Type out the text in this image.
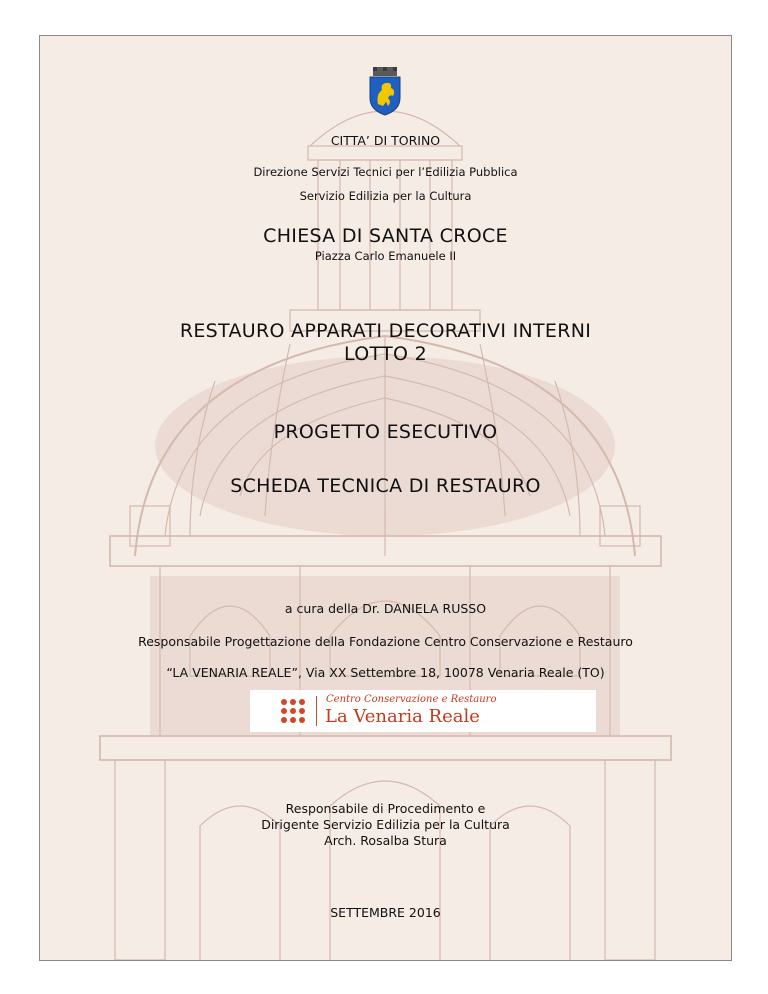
CITTA’ DI TORINO
Direzione Servizi Tecnici per l’Edilizia Pubblica
Servizio Edilizia per la Cultura
CHIESA DI SANTA CROCE
Piazza Carlo Emanuele II
RESTAURO APPARATI DECORATIVI INTERNI
LOTTO 2
PROGETTO ESECUTIVO
SCHEDA TECNICA DI RESTAURO
a cura della Dr. DANIELA RUSSO
Responsabile Progettazione della Fondazione Centro Conservazione e Restauro
“LA VENARIA REALE”, Via XX Settembre 18, 10078 Venaria Reale (TO)
Centro Conservazione e Restauro
La Venaria Reale
Responsabile di Procedimento e
Dirigente Servizio Edilizia per la Cultura
Arch. Rosalba Stura
SETTEMBRE 2016
